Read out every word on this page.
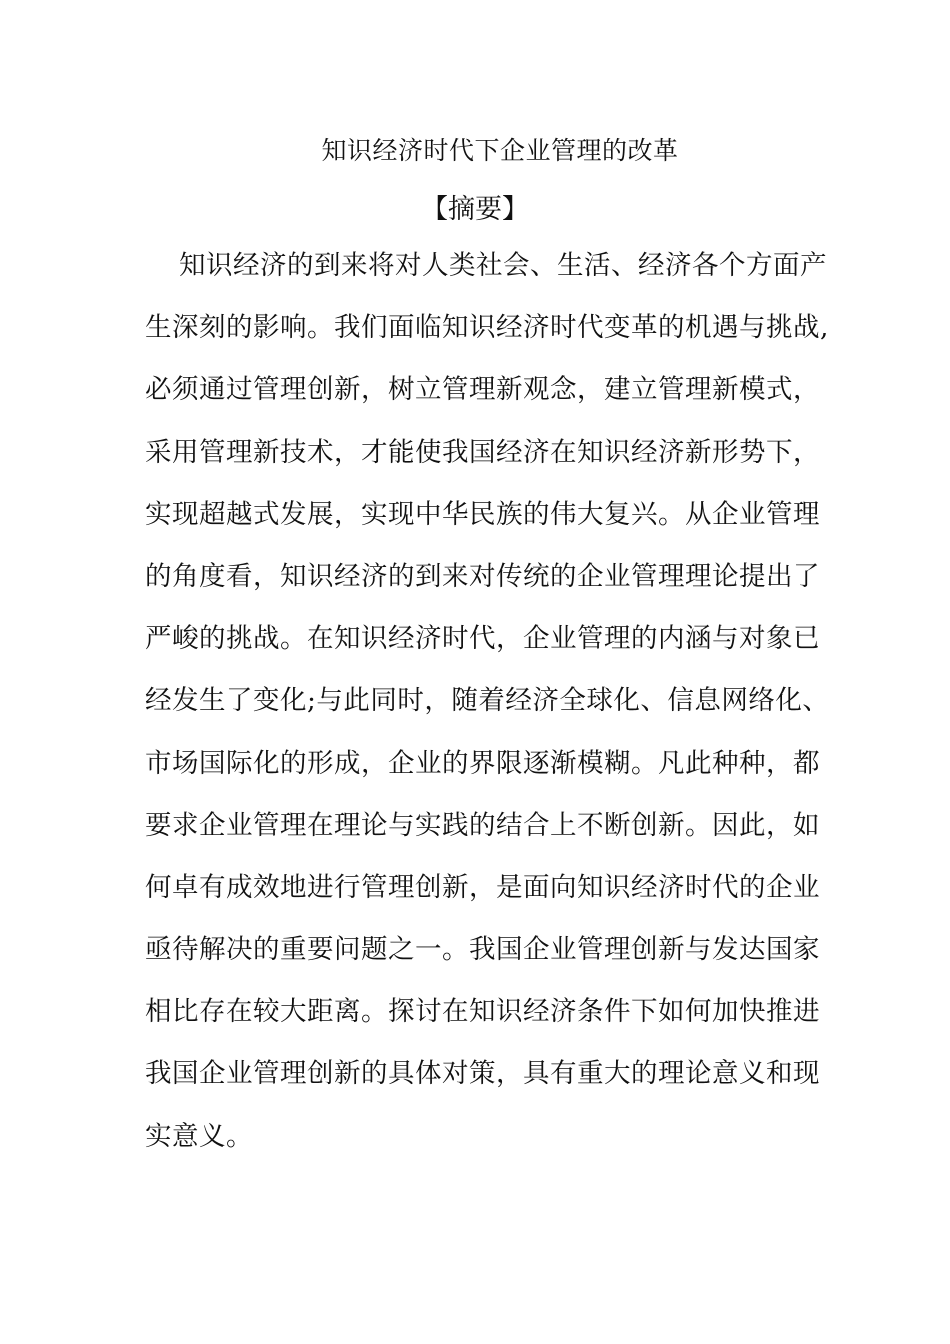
知识经济时代下企业管理的改革
【摘要】
知识经济的到来将对人类社会、生活、经济各个方面产
生深刻的影响。我们面临知识经济时代变革的机遇与挑战,
必须通过管理创新，树立管理新观念，建立管理新模式，
采用管理新技术，才能使我国经济在知识经济新形势下，
实现超越式发展，实现中华民族的伟大复兴。从企业管理
的角度看，知识经济的到来对传统的企业管理理论提出了
严峻的挑战。在知识经济时代，企业管理的内涵与对象已
经发生了变化;与此同时，随着经济全球化、信息网络化、
市场国际化的形成，企业的界限逐渐模糊。凡此种种，都
要求企业管理在理论与实践的结合上不断创新。因此，如
何卓有成效地进行管理创新，是面向知识经济时代的企业
亟待解决的重要问题之一。我国企业管理创新与发达国家
相比存在较大距离。探讨在知识经济条件下如何加快推进
我国企业管理创新的具体对策，具有重大的理论意义和现
实意义。
